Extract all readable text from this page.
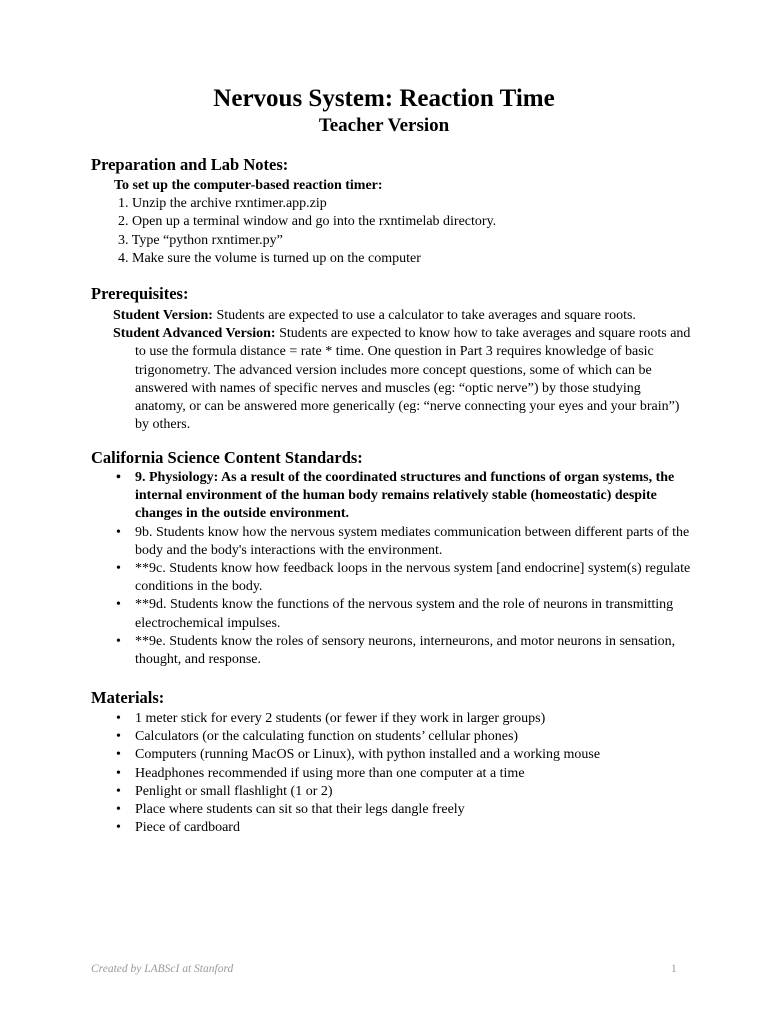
Nervous System: Reaction Time
Teacher Version
Preparation and Lab Notes:

To set up the computer-based reaction timer:

1. Unzip the archive rxntimer.app.zip
2. Open up a terminal window and go into the rxntimelab directory.
3. Type “python rxntimer.py”
4. Make sure the volume is turned up on the computer
Prerequisites:

Student Version: Students are expected to use a calculator to take averages and square roots.

Student Advanced Version: Students are expected to know how to take averages and square roots and to use the formula distance = rate * time. One question in Part 3 requires knowledge of basic trigonometry. The advanced version includes more concept questions, some of which can be answered with names of specific nerves and muscles (eg: “optic nerve”) by those studying anatomy, or can be answered more generically (eg: “nerve connecting your eyes and your brain”) by others.

California Science Content Standards:
• 9. Physiology: As a result of the coordinated structures and functions of organ systems, the internal environment of the human body remains relatively stable (homeostatic) despite changes in the outside environment.
• 9b. Students know how the nervous system mediates communication between different parts of the body and the body's interactions with the environment.
• **9c. Students know how feedback loops in the nervous system [and endocrine] system(s) regulate conditions in the body.
• **9d. Students know the functions of the nervous system and the role of neurons in transmitting electrochemical impulses.
• **9e. Students know the roles of sensory neurons, interneurons, and motor neurons in sensation, thought, and response.
Materials:
• 1 meter stick for every 2 students (or fewer if they work in larger groups)
• Calculators (or the calculating function on students’ cellular phones)
• Computers (running MacOS or Linux), with python installed and a working mouse
• Headphones recommended if using more than one computer at a time
• Penlight or small flashlight (1 or 2)
• Place where students can sit so that their legs dangle freely
• Piece of cardboard
Created by LABScI at Stanford	1
